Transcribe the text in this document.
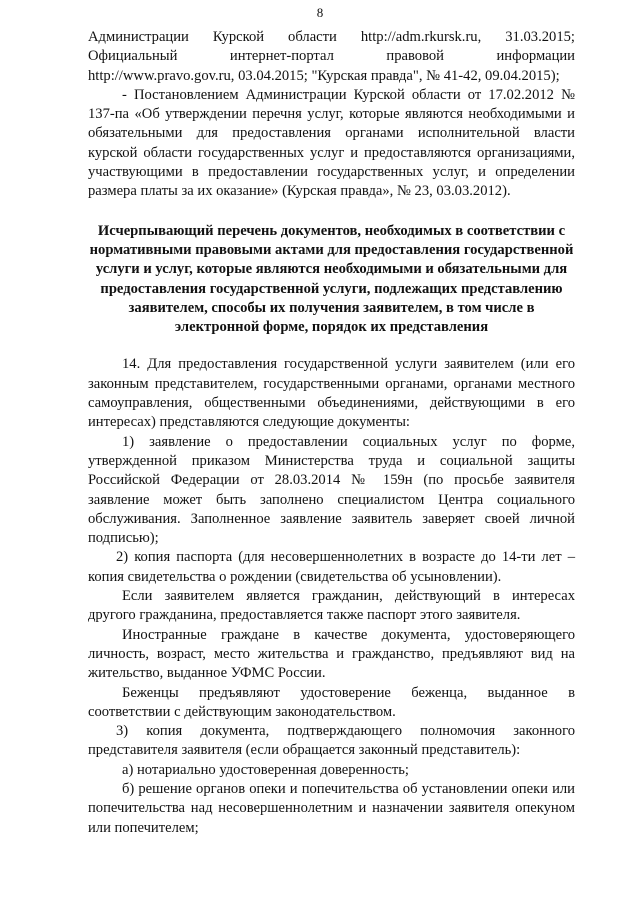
8

Администрации Курской области http://adm.rkursk.ru, 31.03.2015; Официальный интернет-портал правовой информации http://www.pravo.gov.ru, 03.04.2015; "Курская правда", № 41-42, 09.04.2015);

- Постановлением Администрации Курской области от 17.02.2012 № 137-па «Об утверждении перечня услуг, которые являются необходимыми и обязательными для предоставления органами исполнительной власти курской области государственных услуг и предоставляются организациями, участвующими в предоставлении государственных услуг, и определении размера платы за их оказание» (Курская правда», № 23, 03.03.2012).

Исчерпывающий перечень документов, необходимых в соответствии с нормативными правовыми актами для предоставления государственной услуги и услуг, которые являются необходимыми и обязательными для предоставления государственной услуги, подлежащих представлению заявителем, способы их получения заявителем, в том числе в электронной форме, порядок их представления

14. Для предоставления государственной услуги заявителем (или его законным представителем, государственными органами, органами местного самоуправления, общественными объединениями, действующими в его интересах) представляются следующие документы:

1) заявление о предоставлении социальных услуг по форме, утвержденной приказом Министерства труда и социальной защиты Российской Федерации от 28.03.2014 № 159н (по просьбе заявителя заявление может быть заполнено специалистом Центра социального обслуживания. Заполненное заявление заявитель заверяет своей личной подписью);

2) копия паспорта (для несовершеннолетних в возрасте до 14-ти лет – копия свидетельства о рождении (свидетельства об усыновлении).

Если заявителем является гражданин, действующий в интересах другого гражданина, предоставляется также паспорт этого заявителя.

Иностранные граждане в качестве документа, удостоверяющего личность, возраст, место жительства и гражданство, предъявляют вид на жительство, выданное УФМС России.

Беженцы предъявляют удостоверение беженца, выданное в соответствии с действующим законодательством.

3) копия документа, подтверждающего полномочия законного представителя заявителя (если обращается законный представитель):

а) нотариально удостоверенная доверенность;

б) решение органов опеки и попечительства об установлении опеки или попечительства над несовершеннолетним и назначении заявителя опекуном или попечителем;
